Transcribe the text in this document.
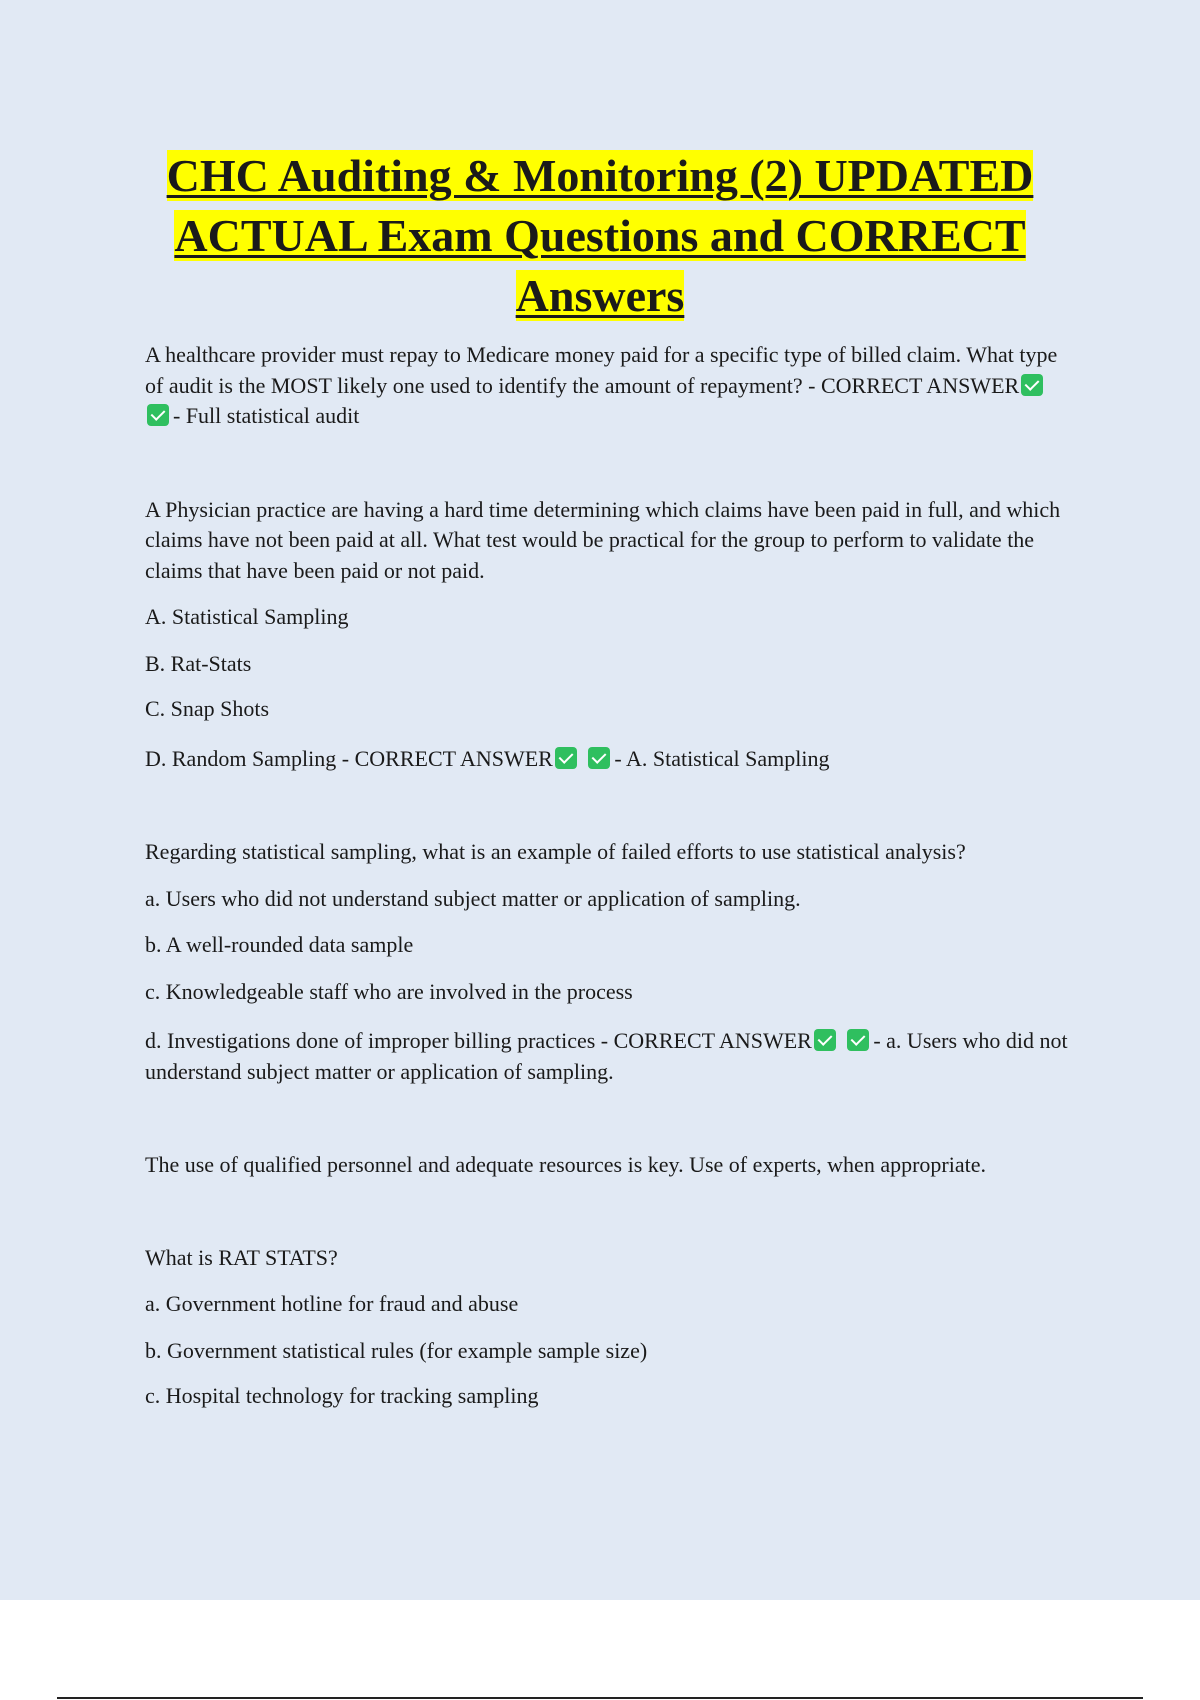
CHC Auditing & Monitoring (2) UPDATED
ACTUAL Exam Questions and CORRECT
Answers

A healthcare provider must repay to Medicare money paid for a specific type of billed claim. What type of audit is the MOST likely one used to identify the amount of repayment? - CORRECT ANSWER - Full statistical audit

A Physician practice are having a hard time determining which claims have been paid in full, and which claims have not been paid at all. What test would be practical for the group to perform to validate the claims that have been paid or not paid.

A. Statistical Sampling

B. Rat-Stats

C. Snap Shots

D. Random Sampling - CORRECT ANSWER	- A. Statistical Sampling

Regarding statistical sampling, what is an example of failed efforts to use statistical analysis?

a. Users who did not understand subject matter or application of sampling.

b. A well-rounded data sample

c. Knowledgeable staff who are involved in the process

d. Investigations done of improper billing practices - CORRECT ANSWER	- a. Users who did not understand subject matter or application of sampling.

The use of qualified personnel and adequate resources is key. Use of experts, when appropriate.

What is RAT STATS?

a. Government hotline for fraud and abuse

b. Government statistical rules (for example sample size)

c. Hospital technology for tracking sampling
